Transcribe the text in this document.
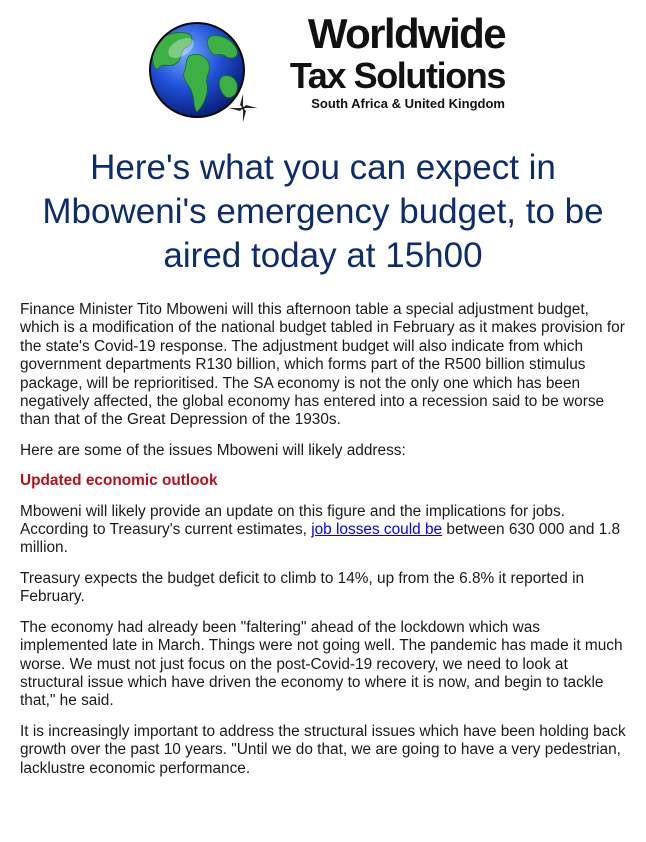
Worldwide
Tax Solutions
South Africa & United Kingdom
Here's what you can expect in Mboweni's emergency budget, to be aired today at 15h00

Finance Minister Tito Mboweni will this afternoon table a special adjustment budget, which is a modification of the national budget tabled in February as it makes provision for the state's Covid-19 response. The adjustment budget will also indicate from which government departments R130 billion, which forms part of the R500 billion stimulus package, will be reprioritised. The SA economy is not the only one which has been negatively affected, the global economy has entered into a recession said to be worse than that of the Great Depression of the 1930s.

Here are some of the issues Mboweni will likely address:

Updated economic outlook

Mboweni will likely provide an update on this figure and the implications for jobs. According to Treasury's current estimates, job losses could be between 630 000 and 1.8 million.

Treasury expects the budget deficit to climb to 14%, up from the 6.8% it reported in February.

The economy had already been "faltering" ahead of the lockdown which was implemented late in March. Things were not going well. The pandemic has made it much worse. We must not just focus on the post-Covid-19 recovery, we need to look at structural issue which have driven the economy to where it is now, and begin to tackle that," he said.

It is increasingly important to address the structural issues which have been holding back growth over the past 10 years. "Until we do that, we are going to have a very pedestrian, lacklustre economic performance.
